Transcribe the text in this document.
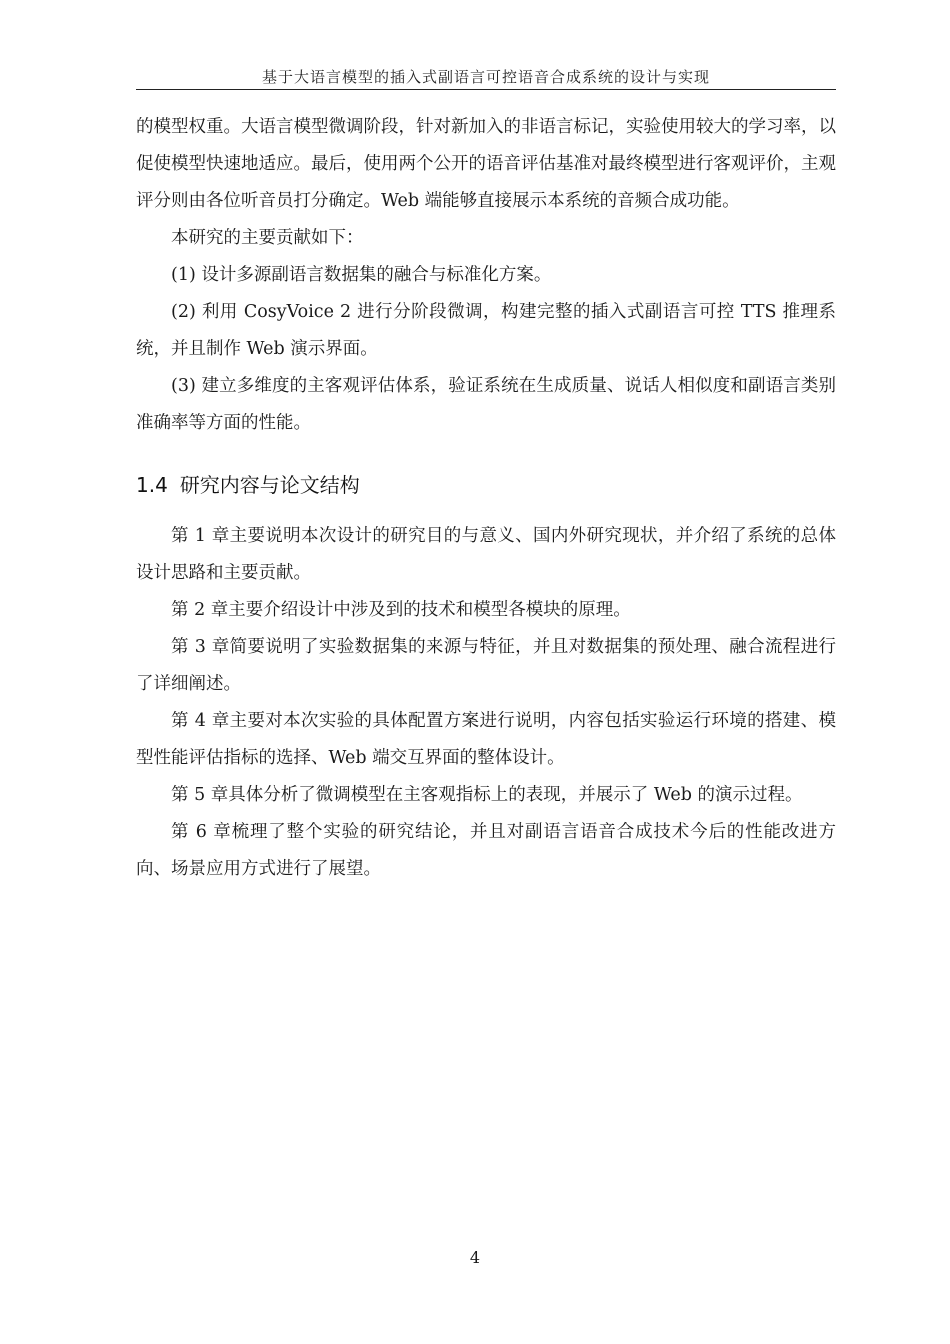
基于大语言模型的插入式副语言可控语音合成系统的设计与实现

的模型权重。大语言模型微调阶段，针对新加入的非语言标记，实验使用较大的学习率，以促使模型快速地适应。最后，使用两个公开的语音评估基准对最终模型进行客观评价，主观评分则由各位听音员打分确定。Web 端能够直接展示本系统的音频合成功能。

本研究的主要贡献如下：

(1) 设计多源副语言数据集的融合与标准化方案。

(2) 利用 CosyVoice 2 进行分阶段微调，构建完整的插入式副语言可控 TTS 推理系统，并且制作 Web 演示界面。

(3) 建立多维度的主客观评估体系，验证系统在生成质量、说话人相似度和副语言类别准确率等方面的性能。

1.4 研究内容与论文结构

第 1 章主要说明本次设计的研究目的与意义、国内外研究现状，并介绍了系统的总体设计思路和主要贡献。

第 2 章主要介绍设计中涉及到的技术和模型各模块的原理。

第 3 章简要说明了实验数据集的来源与特征，并且对数据集的预处理、融合流程进行了详细阐述。

第 4 章主要对本次实验的具体配置方案进行说明，内容包括实验运行环境的搭建、模型性能评估指标的选择、Web 端交互界面的整体设计。

第 5 章具体分析了微调模型在主客观指标上的表现，并展示了 Web 的演示过程。

第 6 章梳理了整个实验的研究结论，并且对副语言语音合成技术今后的性能改进方向、场景应用方式进行了展望。

4
